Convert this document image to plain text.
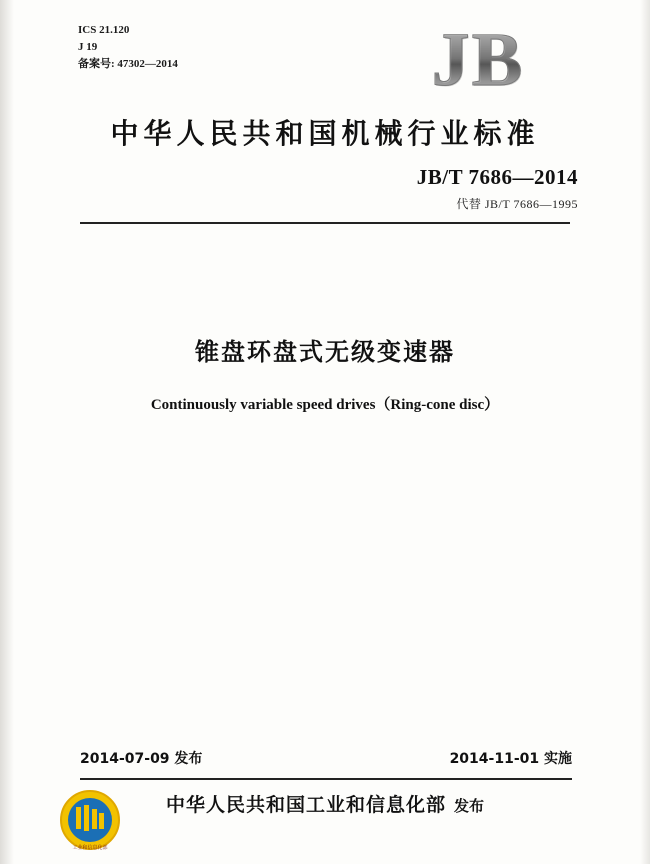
ICS 21.120
J 19
备案号: 47302—2014	JB
中华人民共和国机械行业标准
JB/T 7686—2014
代替 JB/T 7686—1995
锥盘环盘式无级变速器
Continuously variable speed drives（Ring-cone disc）
2014-07-09 发布	2014-11-01 实施
工业和信息化部
中华人民共和国工业和信息化部 发布
